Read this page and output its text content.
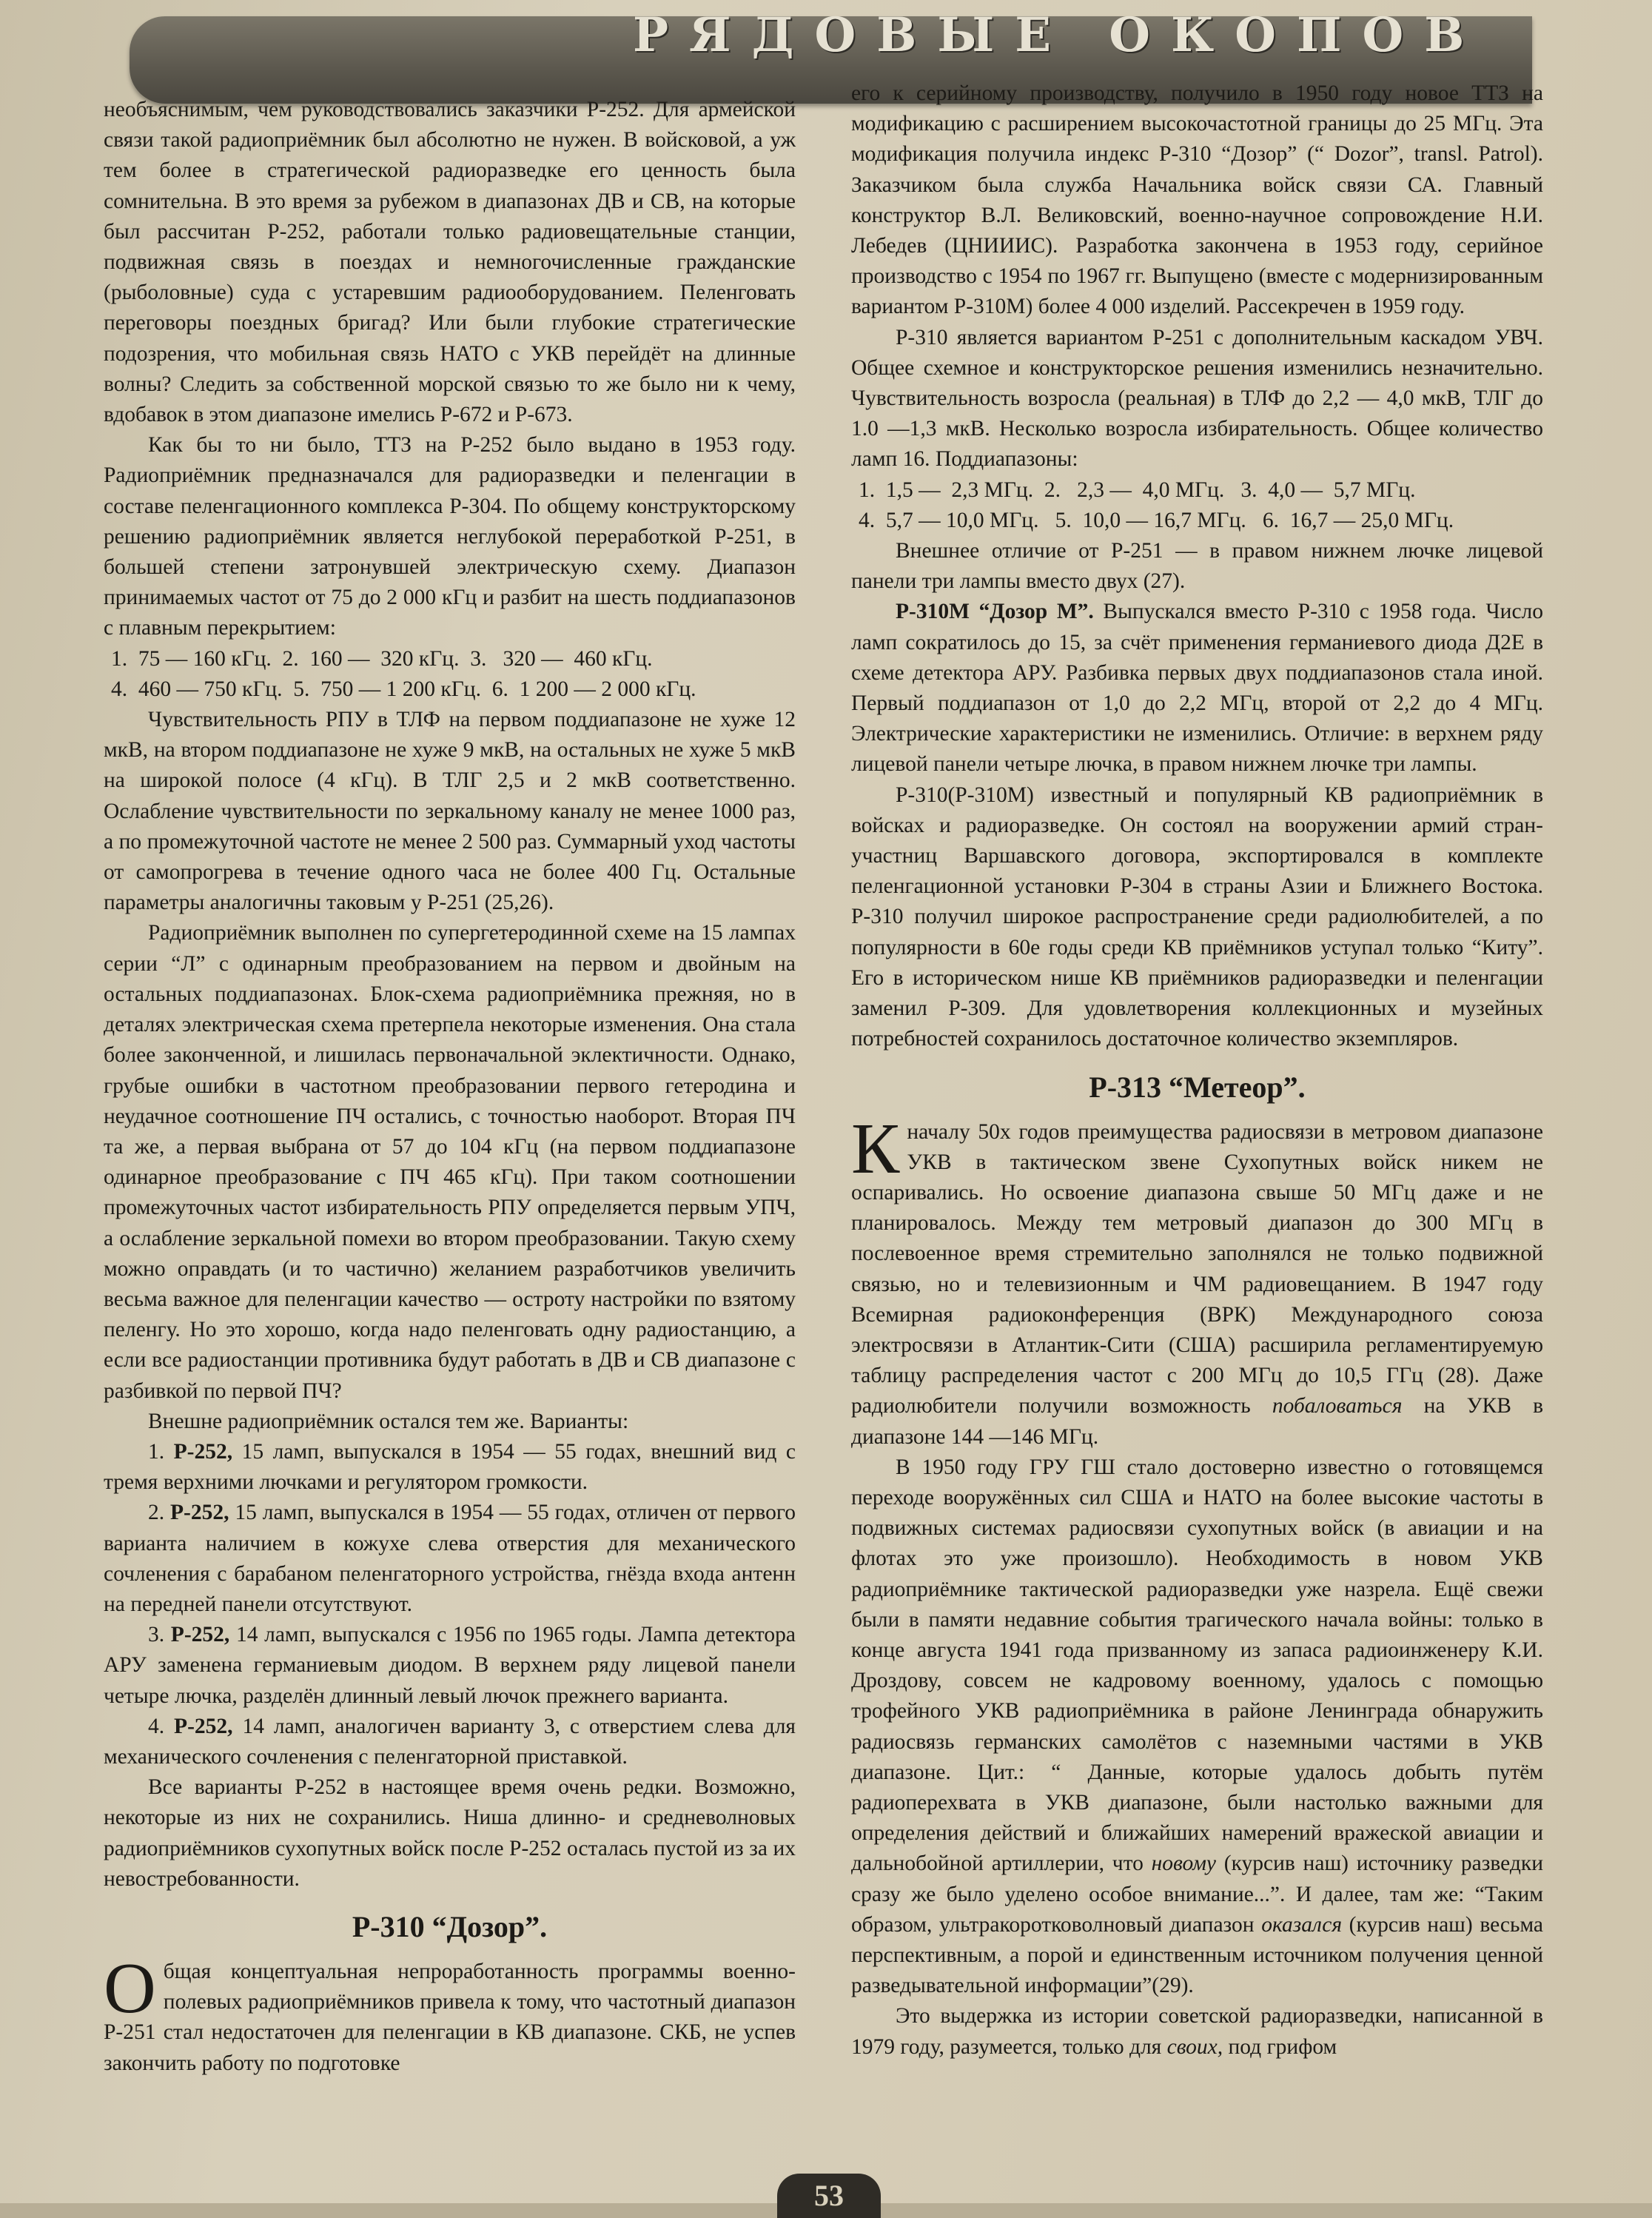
РЯДОВЫЕ ОКОПОВ

необъяснимым, чем руководствовались заказчики Р-252. Для армейской связи такой радиоприёмник был абсолютно не нужен. В войсковой, а уж тем более в стратегической радиоразведке его ценность была сомнительна. В это время за рубежом в диапазонах ДВ и СВ, на которые был рассчитан Р-252, работали только радиовещательные станции, подвижная связь в поездах и немногочисленные гражданские (рыболовные) суда с устаревшим радиооборудованием. Пеленговать переговоры поездных бригад? Или были глубокие стратегические подозрения, что мобильная связь НАТО с УКВ перейдёт на длинные волны? Следить за собственной морской связью то же было ни к чему, вдобавок в этом диапазоне имелись Р-672 и Р-673.

Как бы то ни было, ТТЗ на Р-252 было выдано в 1953 году. Радиоприёмник предназначался для радиоразведки и пеленгации в составе пеленгационного комплекса Р-304. По общему конструкторскому решению радиоприёмник является неглубокой переработкой Р-251, в большей степени затронувшей электрическую схему. Диапазон принимаемых частот от 75 до 2 000 кГц и разбит на шесть поддиапазонов с плавным перекрытием:

1.  75 — 160 кГц.  2.  160 —  320 кГц.  3.   320 —  460 кГц.

4.  460 — 750 кГц.  5.  750 — 1 200 кГц.  6.  1 200 — 2 000 кГц.

Чувствительность РПУ в ТЛФ на первом поддиапазоне не хуже 12 мкВ, на втором поддиапазоне не хуже 9 мкВ, на остальных не хуже 5 мкВ на широкой полосе (4 кГц). В ТЛГ 2,5 и 2 мкВ соответственно. Ослабление чувствительности по зеркальному каналу не менее 1000 раз, а по промежуточной частоте не менее 2 500 раз. Суммарный уход частоты от самопрогрева в течение одного часа не более 400 Гц. Остальные параметры аналогичны таковым у Р-251 (25,26).

Радиоприёмник выполнен по супергетеродинной схеме на 15 лампах серии “Л” с одинарным преобразованием на первом и двойным на остальных поддиапазонах. Блок-схема радиоприёмника прежняя, но в деталях электрическая схема претерпела некоторые изменения. Она стала более законченной, и лишилась первоначальной эклектичности. Однако, грубые ошибки в частотном преобразовании первого гетеродина и неудачное соотношение ПЧ остались, с точностью наоборот. Вторая ПЧ та же, а первая выбрана от 57 до 104 кГц (на первом поддиапазоне одинарное преобразование с ПЧ 465 кГц). При таком соотношении промежуточных частот избирательность РПУ определяется первым УПЧ, а ослабление зеркальной помехи во втором преобразовании. Такую схему можно оправдать (и то частично) желанием разработчиков увеличить весьма важное для пеленгации качество — остроту настройки по взятому пеленгу. Но это хорошо, когда надо пеленговать одну радиостанцию, а если все радиостанции противника будут работать в ДВ и СВ диапазоне с разбивкой по первой ПЧ?

Внешне радиоприёмник остался тем же. Варианты:

1. Р-252, 15 ламп, выпускался в 1954 — 55 годах, внешний вид с тремя верхними лючками и регулятором громкости.

2. Р-252, 15 ламп, выпускался в 1954 — 55 годах, отличен от первого варианта наличием в кожухе слева отверстия для механического сочленения с барабаном пеленгаторного устройства, гнёзда входа антенн на передней панели отсутствуют.

3. Р-252, 14 ламп, выпускался с 1956 по 1965 годы. Лампа детектора АРУ заменена германиевым диодом. В верхнем ряду лицевой панели четыре лючка, разделён длинный левый лючок прежнего варианта.

4. Р-252, 14 ламп, аналогичен варианту 3, с отверстием слева для механического сочленения с пеленгаторной приставкой.

Все варианты Р-252 в настоящее время очень редки. Возможно, некоторые из них не сохранились. Ниша длинно- и средневолновых радиоприёмников сухопутных войск после Р-252 осталась пустой из за их невостребованности.

Р-310 “Дозор”.

Общая концептуальная непроработанность программы военно-полевых радиоприёмников привела к тому, что частотный диапазон Р-251 стал недостаточен для пеленгации в КВ диапазоне. СКБ, не успев закончить работу по подготовке

его к серийному производству, получило в 1950 году новое ТТЗ на модификацию с расширением высокочастотной границы до 25 МГц. Эта модификация получила индекс Р-310 “Дозор” (“ Dozor”, transl. Patrol). Заказчиком была служба Начальника войск связи СА. Главный конструктор В.Л. Великовский, военно-научное сопровождение Н.И. Лебедев (ЦНИИИС). Разработка закончена в 1953 году, серийное производство с 1954 по 1967 гг. Выпущено (вместе с модернизированным вариантом Р-310М) более 4 000 изделий. Рассекречен в 1959 году.

Р-310 является вариантом Р-251 с дополнительным каскадом УВЧ. Общее схемное и конструкторское решения изменились незначительно. Чувствительность возросла (реальная) в ТЛФ до 2,2 — 4,0 мкВ, ТЛГ до 1.0 —1,3 мкВ. Несколько возросла избирательность. Общее количество ламп 16. Поддиапазоны:

1.  1,5 —  2,3 МГц.  2.   2,3 —  4,0 МГц.   3.  4,0 —  5,7 МГц.

4.  5,7 — 10,0 МГц.   5.  10,0 — 16,7 МГц.   6.  16,7 — 25,0 МГц.

Внешнее отличие от Р-251 — в правом нижнем лючке лицевой панели три лампы вместо двух (27).

Р-310М “Дозор М”. Выпускался вместо Р-310 с 1958 года. Число ламп сократилось до 15, за счёт применения германиевого диода Д2Е в схеме детектора АРУ. Разбивка первых двух поддиапазонов стала иной. Первый поддиапазон от 1,0 до 2,2 МГц, второй от 2,2 до 4 МГц. Электрические характеристики не изменились. Отличие: в верхнем ряду лицевой панели четыре лючка, в правом нижнем лючке три лампы.

Р-310(Р-310М) известный и популярный КВ радиоприёмник в войсках и радиоразведке. Он состоял на вооружении армий стран-участниц Варшавского договора, экспортировался в комплекте пеленгационной установки Р-304 в страны Азии и Ближнего Востока. Р-310 получил широкое распространение среди радиолюбителей, а по популярности в 60е годы среди КВ приёмников уступал только “Киту”. Его в историческом нише КВ приёмников радиоразведки и пеленгации заменил Р-309. Для удовлетворения коллекционных и музейных потребностей сохранилось достаточное количество экземпляров.

Р-313 “Метеор”.

Кначалу 50х годов преимущества радиосвязи в метровом диапазоне УКВ в тактическом звене Сухопутных войск никем не оспаривались. Но освоение диапазона свыше 50 МГц даже и не планировалось. Между тем метровый диапазон до 300 МГц в послевоенное время стремительно заполнялся не только подвижной связью, но и телевизионным и ЧМ радиовещанием. В 1947 году Всемирная радиоконференция (ВРК) Международного союза электросвязи в Атлантик-Сити (США) расширила регламентируемую таблицу распределения частот с 200 МГц до 10,5 ГГц (28). Даже радиолюбители получили возможность побаловаться на УКВ в диапазоне 144 —146 МГц.

В 1950 году ГРУ ГШ стало достоверно известно о готовящемся переходе вооружённых сил США и НАТО на более высокие частоты в подвижных системах радиосвязи сухопутных войск (в авиации и на флотах это уже произошло). Необходимость в новом УКВ радиоприёмнике тактической радиоразведки уже назрела. Ещё свежи были в памяти недавние события трагического начала войны: только в конце августа 1941 года призванному из запаса радиоинженеру К.И. Дроздову, совсем не кадровому военному, удалось с помощью трофейного УКВ радиоприёмника в районе Ленинграда обнаружить радиосвязь германских самолётов с наземными частями в УКВ диапазоне. Цит.: “ Данные, которые удалось добыть путём радиоперехвата в УКВ диапазоне, были настолько важными для определения действий и ближайших намерений вражеской авиации и дальнобойной артиллерии, что новому (курсив наш) источнику разведки сразу же было уделено особое внимание...”. И далее, там же: “Таким образом, ультракоротковолновый диапазон оказался (курсив наш) весьма перспективным, а порой и единственным источником получения ценной разведывательной информации”(29).

Это выдержка из истории советской радиоразведки, написанной в 1979 году, разумеется, только для своих, под грифом

53
